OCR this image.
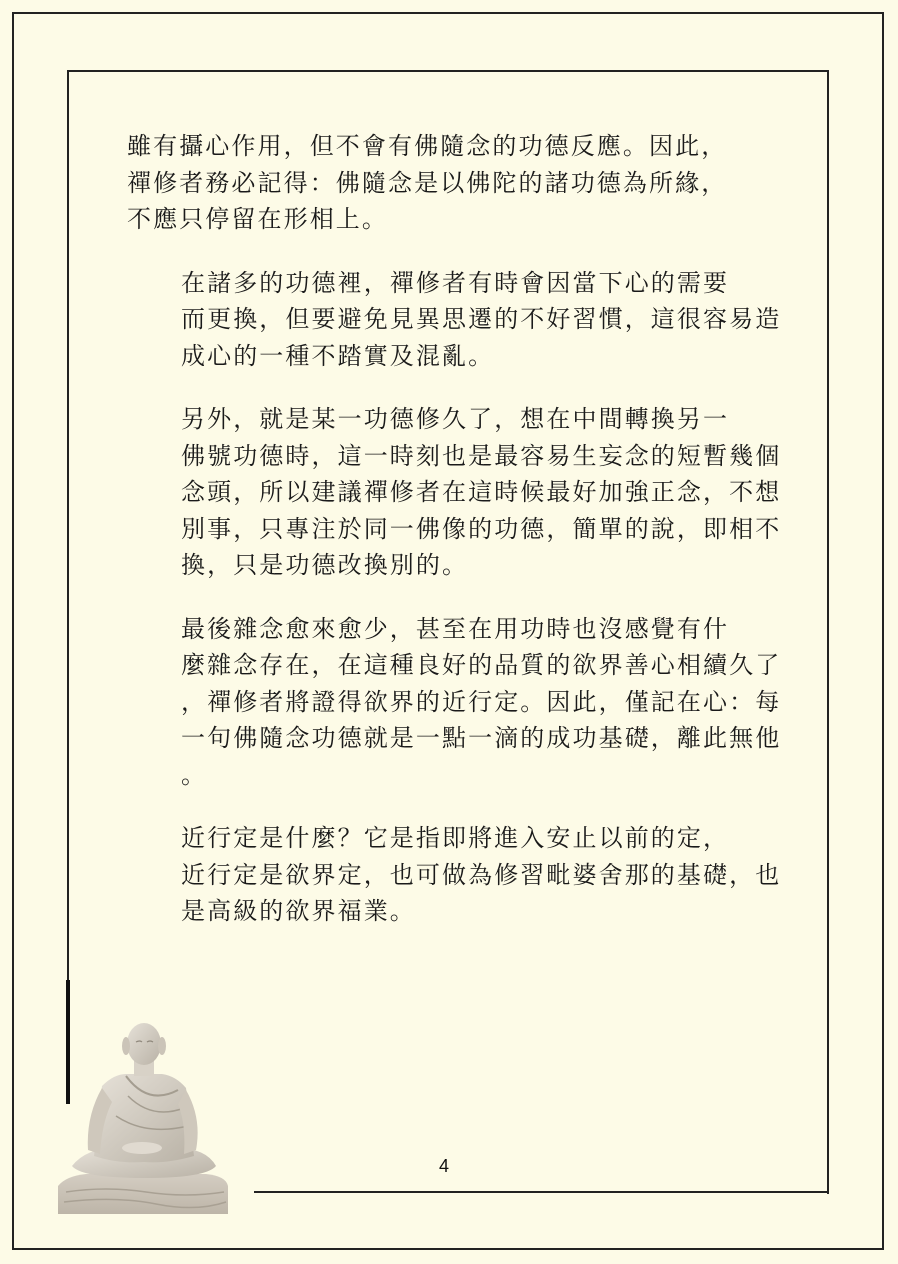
雖有攝心作用，但不會有佛隨念的功德反應。因此，
禪修者務必記得：佛隨念是以佛陀的諸功德為所緣，
不應只停留在形相上。

在諸多的功德裡，禪修者有時會因當下心的需要
而更換，但要避免見異思遷的不好習慣，這很容易造
成心的一種不踏實及混亂。

另外，就是某一功德修久了，想在中間轉換另一
佛號功德時，這一時刻也是最容易生妄念的短暫幾個
念頭，所以建議禪修者在這時候最好加強正念，不想
別事，只專注於同一佛像的功德，簡單的說，即相不
換，只是功德改換別的。

最後雜念愈來愈少，甚至在用功時也沒感覺有什
麼雜念存在，在這種良好的品質的欲界善心相續久了
，禪修者將證得欲界的近行定。因此，僅記在心：每
一句佛隨念功德就是一點一滴的成功基礎，離此無他
。

近行定是什麼？它是指即將進入安止以前的定，
近行定是欲界定，也可做為修習毗婆舍那的基礎，也
是高級的欲界福業。

4
